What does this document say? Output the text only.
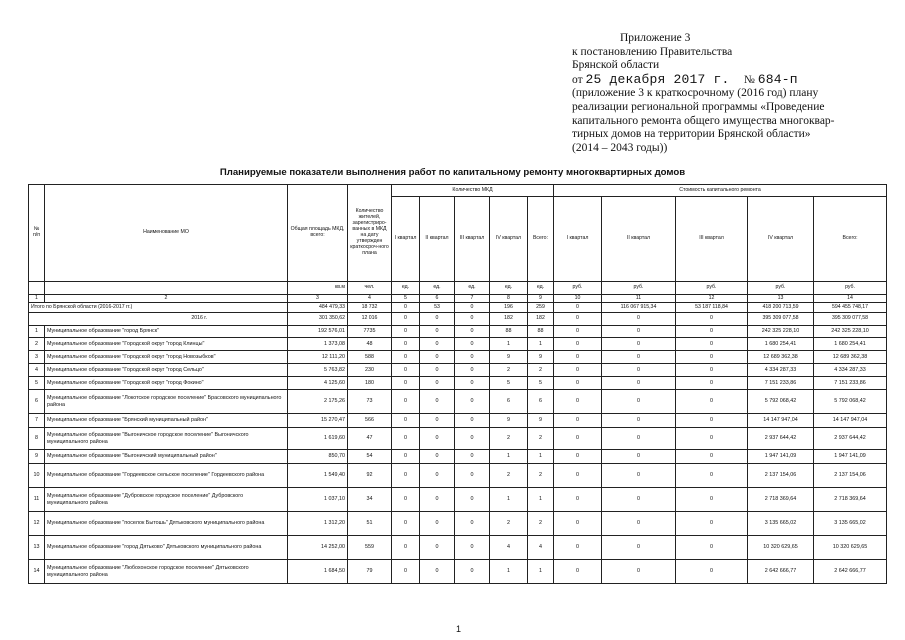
Приложение 3
к постановлению Правительства
Брянской области
от 25 декабря 2017 г. № 684-п
(приложение 3 к краткосрочному (2016 год) плану
реализации региональной программы «Проведение
капитального ремонта общего имущества многоквар-
тирных домов на территории Брянской области»
(2014 – 2043 годы))
Планируемые показатели выполнения работ по капитальному ремонту многоквартирных домов
№ п/п	Наименование МО	Общая площадь МКД, всего:	Количество жителей, зарегистриро-ванных в МКД на дату утвержден краткосроч-ного плана	Количество МКД					Стоимость капитального ремонта				
				I квартал	II квартал	III квартал	IV квартал	Всего:	I квартал	II квартал	III квартал	IV квартал	Всего:
		кв.м	чел.	ед.	ед.	ед.	ед.	ед.	руб.	руб.	руб.	руб.	руб.
1	2	3	4	5	6	7	8	9	10	11	12	13	14
Итого по Брянской области (2016-2017 гг.)		484 479,33	18 732	0	53	0	196	259	0	116 067 915,34	53 187 118,84	418 200 713,59	594 455 748,17
2016 г.		301 350,62	12 016	0	0	0	182	182	0	0	0	395 309 077,58	395 309 077,58
1	Муниципальное образование "город Брянск"	192 576,01	7735	0	0	0	88	88	0	0	0	242 325 228,10	242 325 228,10
2	Муниципальное образование "Городской округ "город Клинцы"	1 373,08	48	0	0	0	1	1	0	0	0	1 680 254,41	1 680 254,41
3	Муниципальное образование "Городской округ "город Новозыбков"	12 111,20	588	0	0	0	9	9	0	0	0	12 689 362,38	12 689 362,38
4	Муниципальное образование "Городской округ "город Сельцо"	5 763,82	230	0	0	0	2	2	0	0	0	4 334 287,33	4 334 287,33
5	Муниципальное образование "Городской округ "город Фокино"	4 125,60	180	0	0	0	5	5	0	0	0	7 151 233,86	7 151 233,86
6	Муниципальное образование "Локотское городское поселение" Брасовского муниципального района	2 175,26	73	0	0	0	6	6	0	0	0	5 792 068,42	5 792 068,42
7	Муниципальное образование "Брянский муниципальный район"	15 270,47	566	0	0	0	9	9	0	0	0	14 147 947,04	14 147 947,04
8	Муниципальное образование "Выгоничское городское поселение" Выгоничского муниципального района	1 619,60	47	0	0	0	2	2	0	0	0	2 937 644,42	2 937 644,42
9	Муниципальное образование "Выгоничский муниципальный район"	850,70	54	0	0	0	1	1	0	0	0	1 947 141,09	1 947 141,09
10	Муниципальное образование "Гордеевское сельское поселение" Гордеевского района	1 549,40	92	0	0	0	2	2	0	0	0	2 137 154,06	2 137 154,06
11	Муниципальное образование "Дубровское городское поселение" Дубровского муниципального района	1 037,10	34	0	0	0	1	1	0	0	0	2 718 369,64	2 718 369,64
12	Муниципальное образование "поселок Бытошь" Дятьковского муниципального района	1 312,20	51	0	0	0	2	2	0	0	0	3 135 665,02	3 135 665,02
13	Муниципальное образование "город Дятьково" Дятьковского муниципального района	14 252,00	559	0	0	0	4	4	0	0	0	10 320 629,65	10 320 629,65
14	Муниципальное образование "Любохонское городское поселение" Дятьковского муниципального района	1 684,50	79	0	0	0	1	1	0	0	0	2 642 666,77	2 642 666,77
1
